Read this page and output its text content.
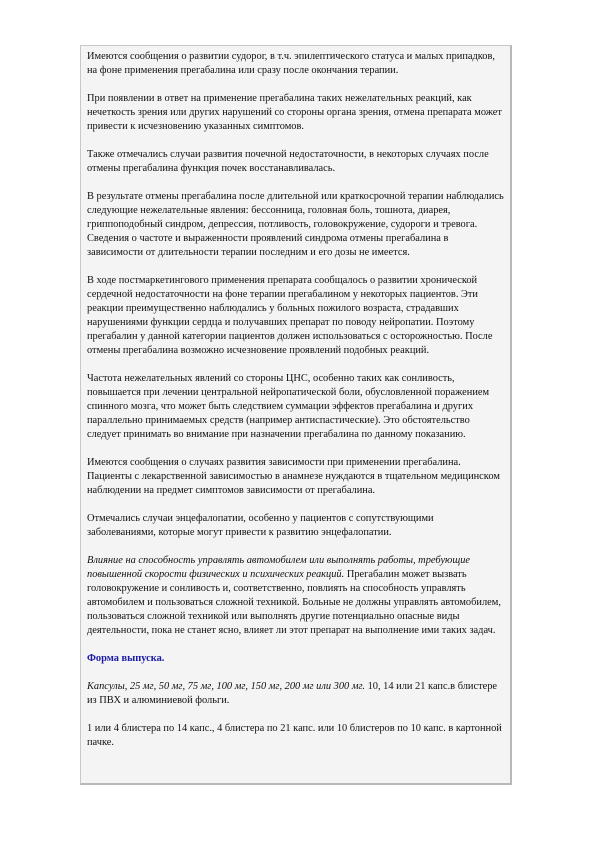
Имеются сообщения о развитии судорог, в т.ч. эпилептического статуса и малых припадков, на фоне применения прегабалина или сразу после окончания терапии.

При появлении в ответ на применение прегабалина таких нежелательных реакций, как нечеткость зрения или других нарушений со стороны органа зрения, отмена препарата может привести к исчезновению указанных симптомов.

Также отмечались случаи развития почечной недостаточности, в некоторых случаях после отмены прегабалина функция почек восстанавливалась.

В результате отмены прегабалина после длительной или краткосрочной терапии наблюдались следующие нежелательные явления: бессонница, головная боль, тошнота, диарея, гриппоподобный синдром, депрессия, потливость, головокружение, судороги и тревога. Сведения о частоте и выраженности проявлений синдрома отмены прегабалина в зависимости от длительности терапии последним и его дозы не имеется.

В ходе постмаркетингового применения препарата сообщалось о развитии хронической сердечной недостаточности на фоне терапии прегабалином у некоторых пациентов. Эти реакции преимущественно наблюдались у больных пожилого возраста, страдавших нарушениями функции сердца и получавших препарат по поводу нейропатии. Поэтому прегабалин у данной категории пациентов должен использоваться с осторожностью. После отмены прегабалина возможно исчезновение проявлений подобных реакций.

Частота нежелательных явлений со стороны ЦНС, особенно таких как сонливость, повышается при лечении центральной нейропатической боли, обусловленной поражением спинного мозга, что может быть следствием суммации эффектов прегабалина и других параллельно принимаемых средств (например антиспастические). Это обстоятельство следует принимать во внимание при назначении прегабалина по данному показанию.

Имеются сообщения о случаях развития зависимости при применении прегабалина. Пациенты с лекарственной зависимостью в анамнезе нуждаются в тщательном медицинском наблюдении на предмет симптомов зависимости от прегабалина.

Отмечались случаи энцефалопатии, особенно у пациентов с сопутствующими заболеваниями, которые могут привести к развитию энцефалопатии.

Влияние на способность управлять автомобилем или выполнять работы, требующие повышенной скорости физических и психических реакций. Прегабалин может вызвать головокружение и сонливость и, соответственно, повлиять на способность управлять автомобилем и пользоваться сложной техникой. Больные не должны управлять автомобилем, пользоваться сложной техникой или выполнять другие потенциально опасные виды деятельности, пока не станет ясно, влияет ли этот препарат на выполнение ими таких задач.

Форма выпуска.

Капсулы, 25 мг, 50 мг, 75 мг, 100 мг, 150 мг, 200 мг или 300 мг. 10, 14 или 21 капс.в блистере из ПВХ и алюминиевой фольги.

1 или 4 блистера по 14 капс., 4 блистера по 21 капс. или 10 блистеров по 10 капс. в картонной пачке.
